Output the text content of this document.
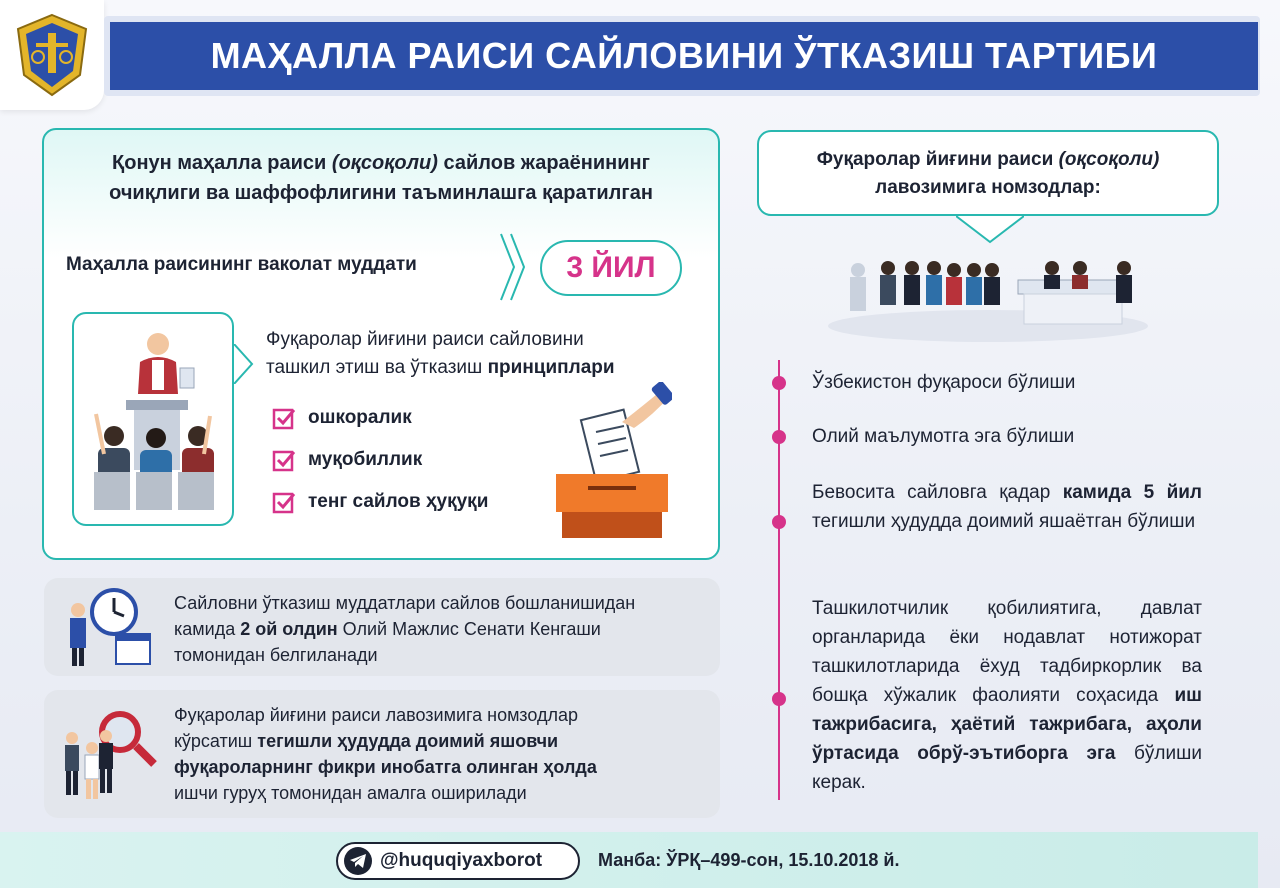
МАҲАЛЛА РАИСИ САЙЛОВИНИ ЎТКАЗИШ ТАРТИБИ
Қонун маҳалла раиси (оқсоқоли) сайлов жараёнининг
очиқлиги ва шаффофлигини таъминлашга қаратилган
Маҳалла раисининг ваколат муддати	3 ЙИЛ
Фуқаролар йиғини раиси сайловини
ташкил этиш ва ўтказиш принциплари
ошкоралик
муқобиллик
тенг сайлов ҳуқуқи
Сайловни ўтказиш муддатлари сайлов бошланишидан
камида 2 ой олдин Олий Мажлис Сенати Кенгаши
томонидан белгиланади
Фуқаролар йиғини раиси лавозимига номзодлар
кўрсатиш тегишли ҳудудда доимий яшовчи
фуқароларнинг фикри инобатга олинган ҳолда
ишчи гуруҳ томонидан амалга оширилади
Фуқаролар йиғини раиси (оқсоқоли)
лавозимига номзодлар:
Ўзбекистон фуқароси бўлиши
Олий маълумотга эга бўлиши
Бевосита сайловга қадар камида 5 йил тегишли ҳудудда доимий яшаётган бўлиши
Ташкилотчилик қобилиятига, давлат органларида ёки нодавлат нотижорат ташкилотларида ёхуд тадбиркорлик ва бошқа хўжалик фаолияти соҳасида иш тажрибасига, ҳаётий тажрибага, аҳоли ўртасида обрў-эътиборга эга бўлиши керак.
@huquqiyaxborot	Манба: ЎРҚ–499-сон, 15.10.2018 й.
